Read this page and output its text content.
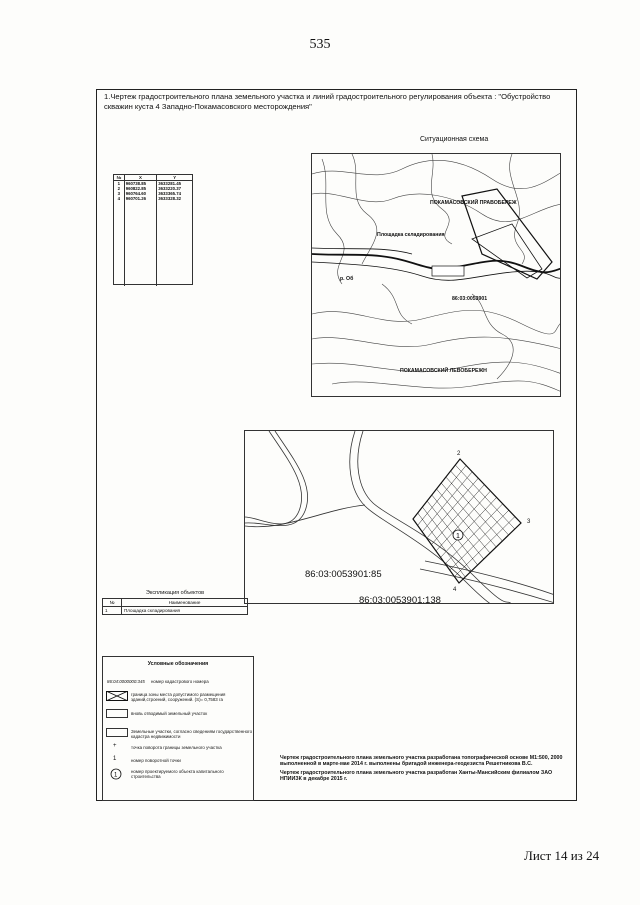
535
1.Чертеж градостроительного плана земельного участка и линий градостроительного регулирования объекта : "Обустройство скважин куста 4 Западно-Покамасовского месторождения"
Ситуационная схема
ПОКАМАСОВСКИЙ ПРАВОБЕРЕЖ
Площадка складирования
р. Об
86:03:0053901
ПОКАМАСОВСКИЙ ЛЕВОБЕРЕЖН
№	X	Y
1	960738.85	3633281.45
2	960822.85	3633220.37
3	960764.60	3633365.74
4	960701.26	3633328.32

1
2
3
4
86:03:0053901:85
86:03:0053901:138
Экспликация объектов
№	Наименование
1	Площадка складирования
Условные обозначения
86:04:0000000:345 номер кадастрового номера
граница зоны места допустимого размещения зданий,строений, сооружений. (S)= 0,7583 га
вновь отводимый земельный участок
Земельные участки, согласно сведениям государственного кадастра недвижимости
+	точка поворота границы земельного участка
1	номер поворотной точки
1
номер проектируемого объекта капитального строительства
Чертеж градостроительного плана земельного участка разработана топографической основе М1:500, 2000 выполненной в марте-мае 2014 г. выполнены бригадой инженера-геодезиста Решетникова В.С.
Чертеж градостроительного плана земельного участка разработан Ханты-Мансийским филиалом ЗАО НПИИЗК в декабре 2015 г.
Лист 14 из 24
